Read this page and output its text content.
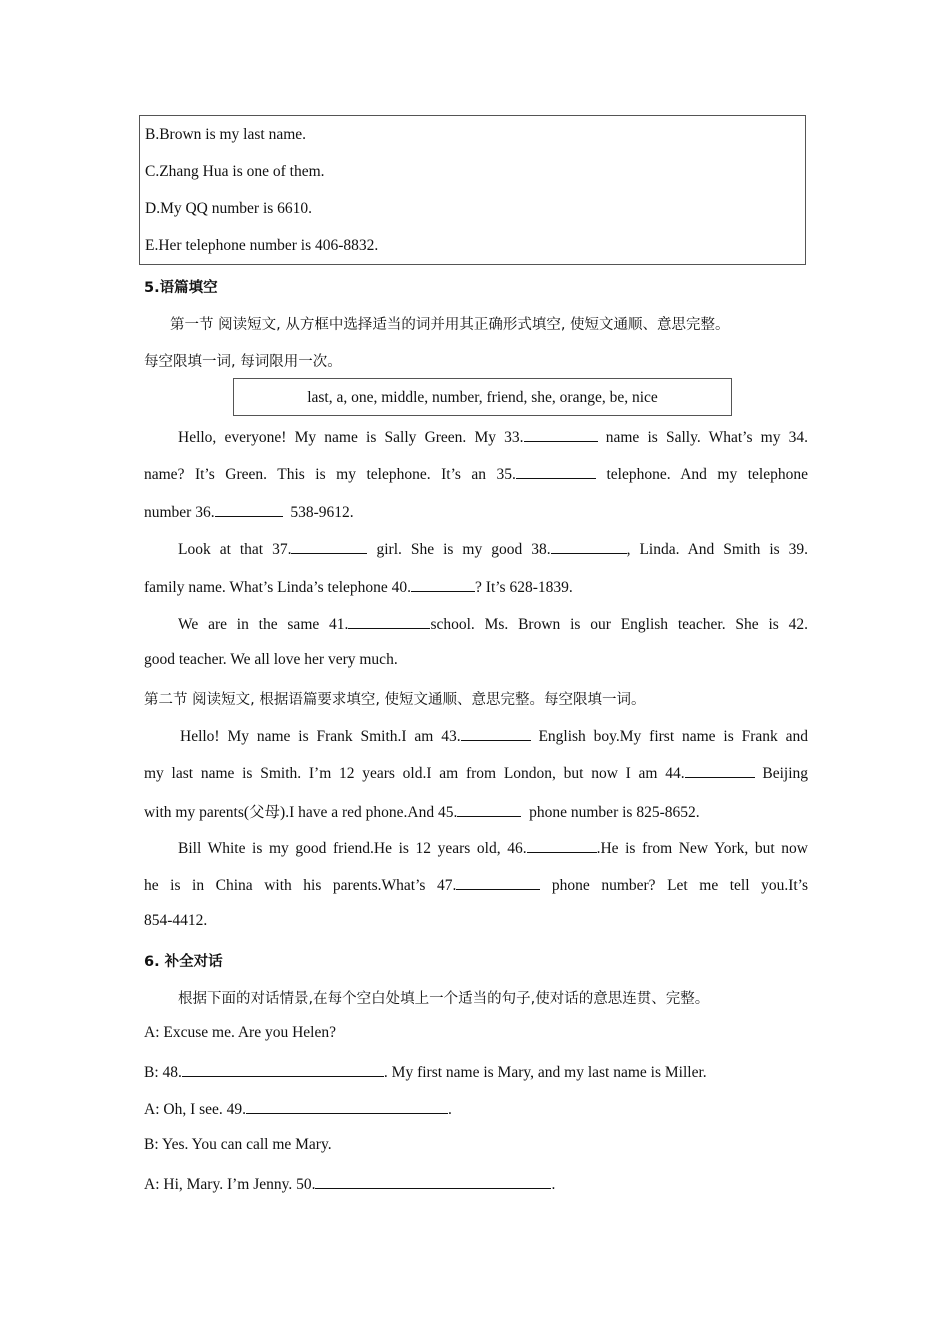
B.Brown is my last name.
C.Zhang Hua is one of them.
D.My QQ number is 6610.
E.Her telephone number is 406-8832.
5.语篇填空
第一节 阅读短文, 从方框中选择适当的词并用其正确形式填空, 使短文通顺、意思完整。
每空限填一词, 每词限用一次。
last, a, one, middle, number, friend, she, orange, be, nice
Hello, everyone! My name is Sally Green. My 33.	name is Sally. What’s my 34.
name? It’s Green. This is my telephone. It’s an 35.	telephone. And my telephone
number 36.	538-9612.
Look at that 37.	girl. She is my good 38.	, Linda. And Smith is 39.
family name. What’s Linda’s telephone 40.	? It’s 628-1839.
We are in the same 41.	school. Ms. Brown is our English teacher. She is 42.
good teacher. We all love her very much.
第二节 阅读短文, 根据语篇要求填空, 使短文通顺、意思完整。每空限填一词。
Hello! My name is Frank Smith.I am 43.	English boy.My first name is Frank and
my last name is Smith. I’m 12 years old.I am from London, but now I am 44.	Beijing
with my parents(父母).I have a red phone.And 45.	phone number is 825-8652.
Bill White is my good friend.He is 12 years old, 46.	.He is from New York, but now
he is in China with his parents.What’s 47.	phone number? Let me tell you.It’s
854-4412.
6. 补全对话
根据下面的对话情景,在每个空白处填上一个适当的句子,使对话的意思连贯、完整。
A: Excuse me. Are you Helen?
B: 48.	. My first name is Mary, and my last name is Miller.
A: Oh, I see. 49.	.
B: Yes. You can call me Mary.
A: Hi, Mary. I’m Jenny. 50.	.
